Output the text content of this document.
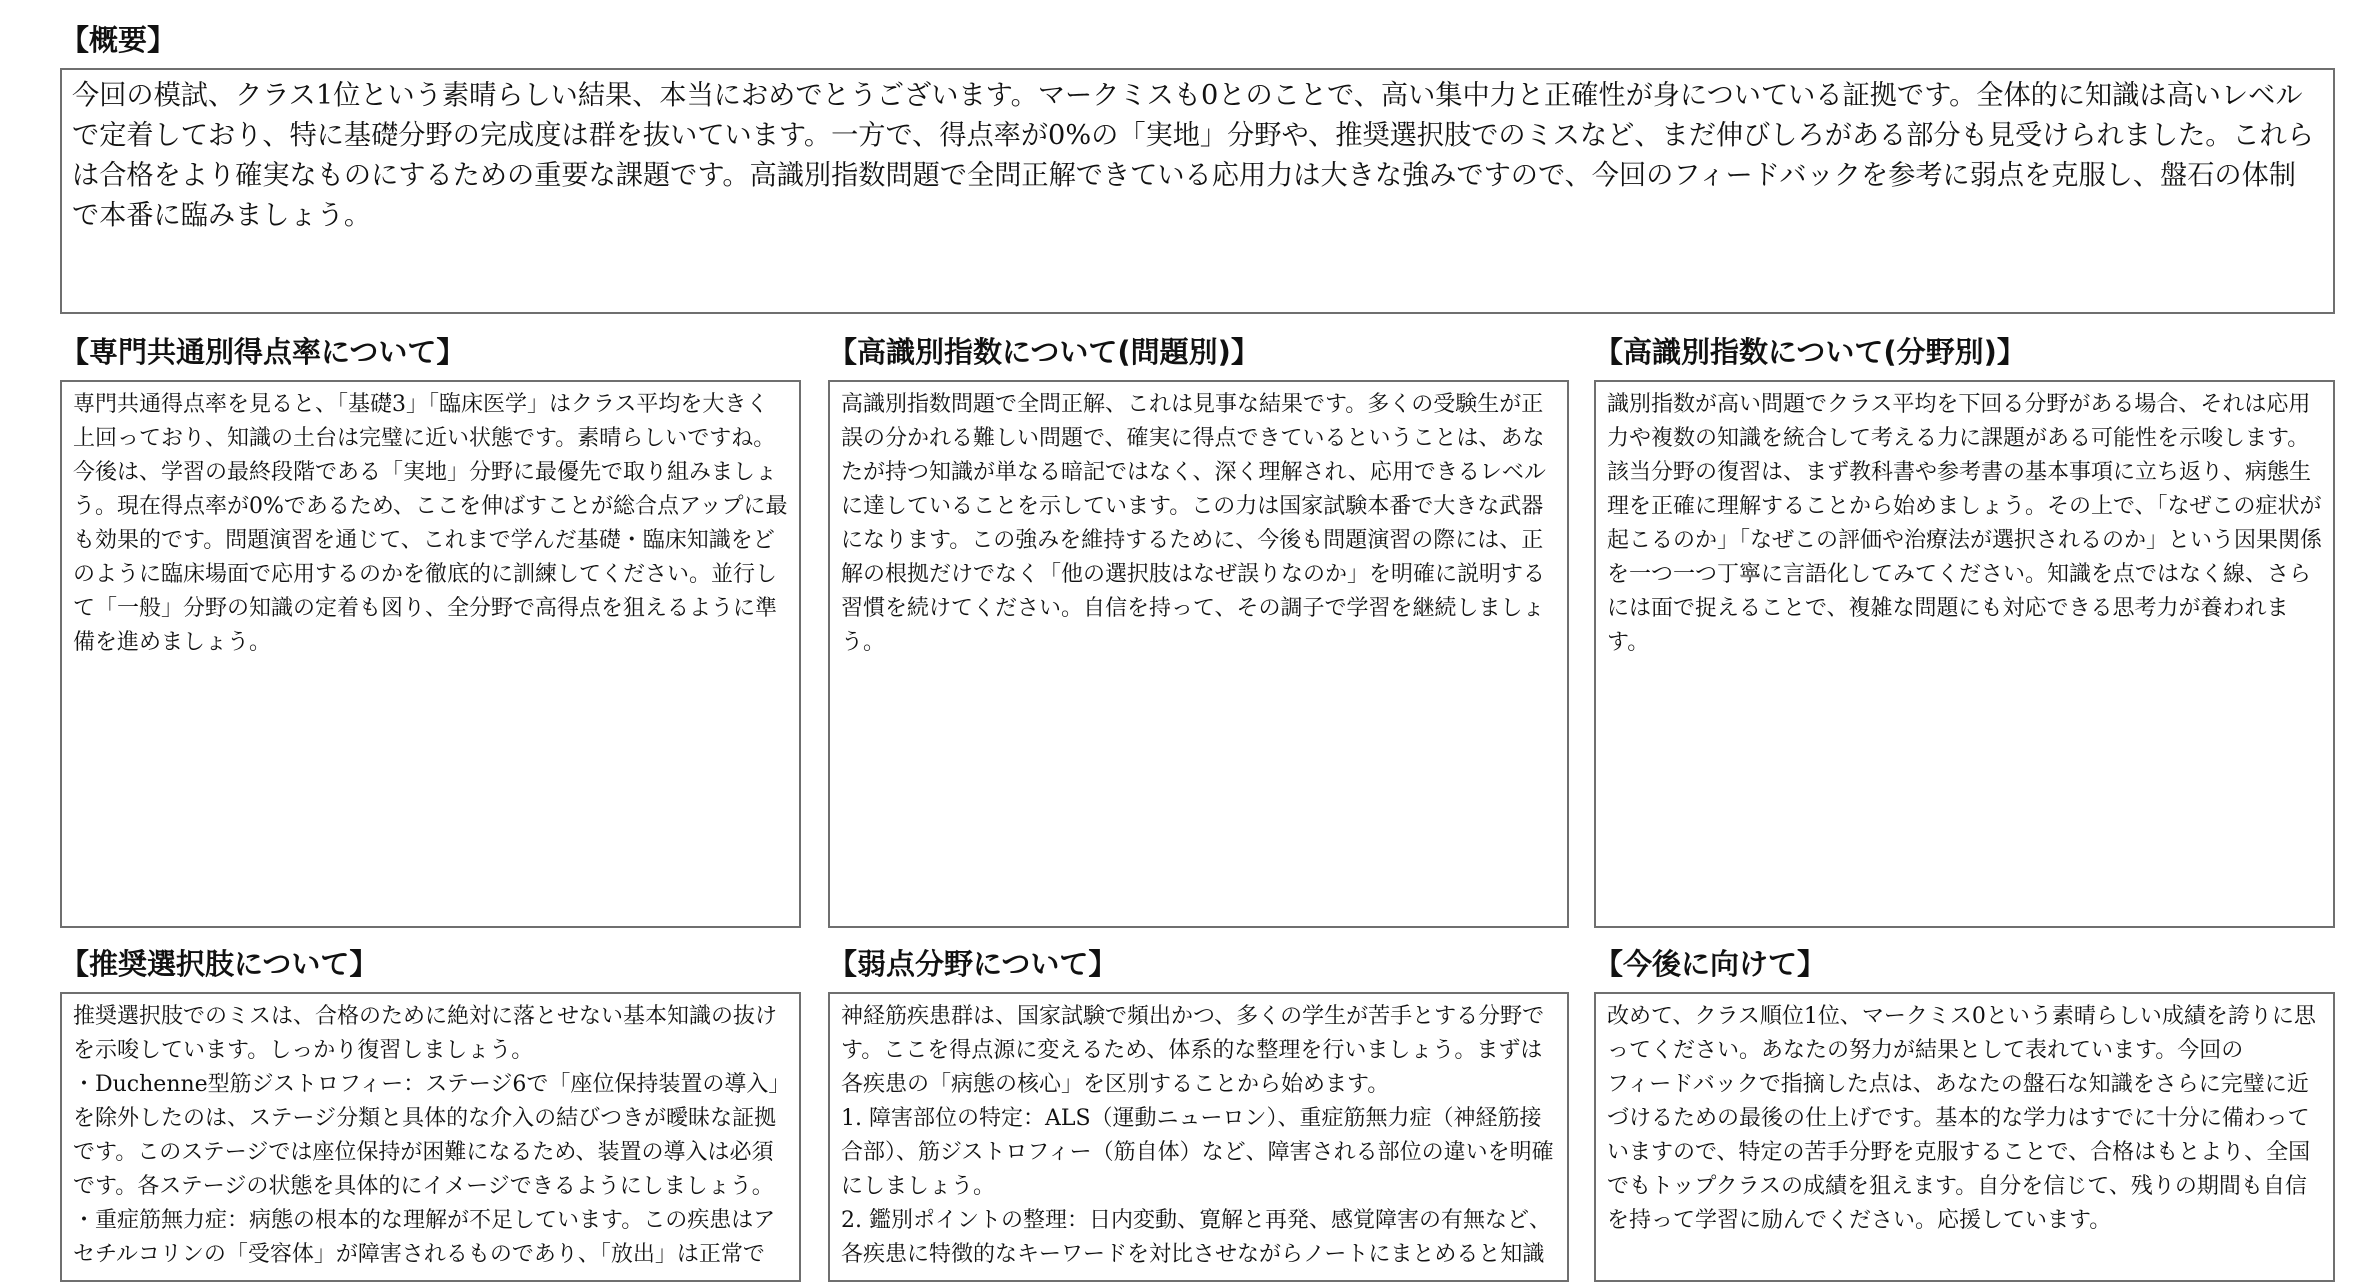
【概要】

今回の模試、クラス1位という素晴らしい結果、本当におめでとうございます。マークミスも0とのことで、高い集中力と正確性が身についている証拠です。全体的に知識は高いレベルで定着しており、特に基礎分野の完成度は群を抜いています。一方で、得点率が0%の「実地」分野や、推奨選択肢でのミスなど、まだ伸びしろがある部分も見受けられました。これらは合格をより確実なものにするための重要な課題です。高識別指数問題で全問正解できている応用力は大きな強みですので、今回のフィードバックを参考に弱点を克服し、盤石の体制で本番に臨みましょう。

【専門共通別得点率について】

専門共通得点率を見ると、「基礎3」「臨床医学」はクラス平均を大きく上回っており、知識の土台は完璧に近い状態です。素晴らしいですね。今後は、学習の最終段階である「実地」分野に最優先で取り組みましょう。現在得点率が0%であるため、ここを伸ばすことが総合点アップに最も効果的です。問題演習を通じて、これまで学んだ基礎・臨床知識をどのように臨床場面で応用するのかを徹底的に訓練してください。並行して「一般」分野の知識の定着も図り、全分野で高得点を狙えるように準備を進めましょう。

【高識別指数について(問題別)】

高識別指数問題で全問正解、これは見事な結果です。多くの受験生が正誤の分かれる難しい問題で、確実に得点できているということは、あなたが持つ知識が単なる暗記ではなく、深く理解され、応用できるレベルに達していることを示しています。この力は国家試験本番で大きな武器になります。この強みを維持するために、今後も問題演習の際には、正解の根拠だけでなく「他の選択肢はなぜ誤りなのか」を明確に説明する習慣を続けてください。自信を持って、その調子で学習を継続しましょう。

【高識別指数について(分野別)】

識別指数が高い問題でクラス平均を下回る分野がある場合、それは応用力や複数の知識を統合して考える力に課題がある可能性を示唆します。該当分野の復習は、まず教科書や参考書の基本事項に立ち返り、病態生理を正確に理解することから始めましょう。その上で、「なぜこの症状が起こるのか」「なぜこの評価や治療法が選択されるのか」という因果関係を一つ一つ丁寧に言語化してみてください。知識を点ではなく線、さらには面で捉えることで、複雑な問題にも対応できる思考力が養われます。

【推奨選択肢について】

推奨選択肢でのミスは、合格のために絶対に落とせない基本知識の抜けを示唆しています。しっかり復習しましょう。
・Duchenne型筋ジストロフィー：ステージ6で「座位保持装置の導入」を除外したのは、ステージ分類と具体的な介入の結びつきが曖昧な証拠です。このステージでは座位保持が困難になるため、装置の導入は必須です。各ステージの状態を具体的にイメージできるようにしましょう。
・重症筋無力症：病態の根本的な理解が不足しています。この疾患はアセチルコリンの「受容体」が障害されるものであり、「放出」は正常で

【弱点分野について】

神経筋疾患群は、国家試験で頻出かつ、多くの学生が苦手とする分野です。ここを得点源に変えるため、体系的な整理を行いましょう。まずは各疾患の「病態の核心」を区別することから始めます。
1. 障害部位の特定：ALS（運動ニューロン）、重症筋無力症（神経筋接合部）、筋ジストロフィー（筋自体）など、障害される部位の違いを明確にしましょう。
2. 鑑別ポイントの整理：日内変動、寛解と再発、感覚障害の有無など、各疾患に特徴的なキーワードを対比させながらノートにまとめると知識

【今後に向けて】

改めて、クラス順位1位、マークミス0という素晴らしい成績を誇りに思ってください。あなたの努力が結果として表れています。今回の
フィードバックで指摘した点は、あなたの盤石な知識をさらに完璧に近づけるための最後の仕上げです。基本的な学力はすでに十分に備わっていますので、特定の苦手分野を克服することで、合格はもとより、全国でもトップクラスの成績を狙えます。自分を信じて、残りの期間も自信を持って学習に励んでください。応援しています。
